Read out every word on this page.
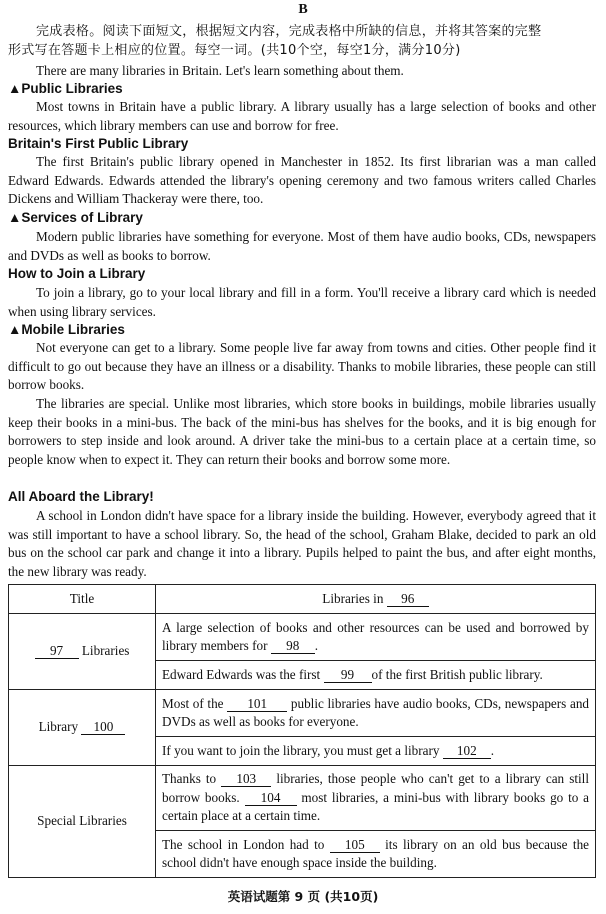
B

完成表格。阅读下面短文，根据短文内容，完成表格中所缺的信息，并将其答案的完整
形式写在答题卡上相应的位置。每空一词。(共10个空，每空1分，满分10分)

There are many libraries in Britain. Let's learn something about them.

▲Public Libraries

Most towns in Britain have a public library. A library usually has a large selection of books and other resources, which library members can use and borrow for free.

Britain's First Public Library

The first Britain's public library opened in Manchester in 1852. Its first librarian was a man called Edward Edwards. Edwards attended the library's opening ceremony and two famous writers called Charles Dickens and William Thackeray were there, too.

▲Services of Library

Modern public libraries have something for everyone. Most of them have audio books, CDs, newspapers and DVDs as well as books to borrow.

How to Join a Library

To join a library, go to your local library and fill in a form. You'll receive a library card which is needed when using library services.

▲Mobile Libraries

Not everyone can get to a library. Some people live far away from towns and cities. Other people find it difficult to go out because they have an illness or a disability. Thanks to mobile libraries, these people can still borrow books.

The libraries are special. Unlike most libraries, which store books in buildings, mobile libraries usually keep their books in a mini-bus. The back of the mini-bus has shelves for the books, and it is big enough for borrowers to step inside and look around. A driver take the mini-bus to a certain place at a certain time, so people know when to expect it. They can return their books and borrow some more.

All Aboard the Library!

A school in London didn't have space for a library inside the building. However, everybody agreed that it was still important to have a school library. So, the head of the school, Graham Blake, decided to park an old bus on the school car park and change it into a library. Pupils helped to paint the bus, and after eight months, the new library was ready.

Title	Libraries in 96
97 Libraries	A large selection of books and other resources can be used and borrowed by library members for 98 .
	Edward Edwards was the first 99 of the first British public library.
Library 100	Most of the 101 public libraries have audio books, CDs, newspapers and DVDs as well as books for everyone.
	If you want to join the library, you must get a library 102 .
Special Libraries	Thanks to 103 libraries, those people who can't get to a library can still borrow books. 104 most libraries, a mini-bus with library books go to a certain place at a certain time.
	The school in London had to 105 its library on an old bus because the school didn't have enough space inside the building.
英语试题第 9 页 (共10页)
